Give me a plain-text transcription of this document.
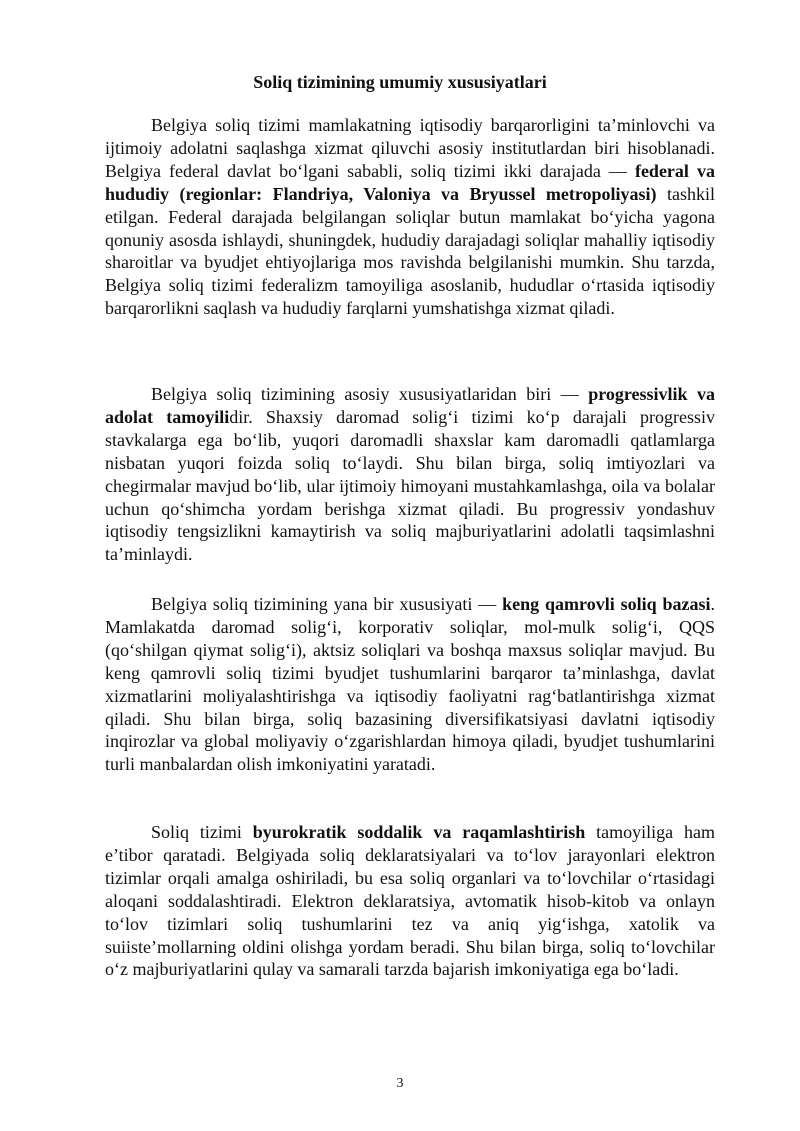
Soliq tizimining umumiy xususiyatlari

Belgiya soliq tizimi mamlakatning iqtisodiy barqarorligini ta’minlovchi va ijtimoiy adolatni saqlashga xizmat qiluvchi asosiy institutlardan biri hisoblanadi. Belgiya federal davlat bo‘lgani sababli, soliq tizimi ikki darajada — federal va hududiy (regionlar: Flandriya, Valoniya va Bryussel metropoliyasi) tashkil etilgan. Federal darajada belgilangan soliqlar butun mamlakat bo‘yicha yagona qonuniy asosda ishlaydi, shuningdek, hududiy darajadagi soliqlar mahalliy iqtisodiy sharoitlar va byudjet ehtiyojlariga mos ravishda belgilanishi mumkin. Shu tarzda, Belgiya soliq tizimi federalizm tamoyiliga asoslanib, hududlar o‘rtasida iqtisodiy barqarorlikni saqlash va hududiy farqlarni yumshatishga xizmat qiladi.

Belgiya soliq tizimining asosiy xususiyatlaridan biri — progressivlik va adolat tamoyilidir. Shaxsiy daromad solig‘i tizimi ko‘p darajali progressiv stavkalarga ega bo‘lib, yuqori daromadli shaxslar kam daromadli qatlamlarga nisbatan yuqori foizda soliq to‘laydi. Shu bilan birga, soliq imtiyozlari va chegirmalar mavjud bo‘lib, ular ijtimoiy himoyani mustahkamlashga, oila va bolalar uchun qo‘shimcha yordam berishga xizmat qiladi. Bu progressiv yondashuv iqtisodiy tengsizlikni kamaytirish va soliq majburiyatlarini adolatli taqsimlashni ta’minlaydi.

Belgiya soliq tizimining yana bir xususiyati — keng qamrovli soliq bazasi. Mamlakatda daromad solig‘i, korporativ soliqlar, mol-mulk solig‘i, QQS (qo‘shilgan qiymat solig‘i), aktsiz soliqlari va boshqa maxsus soliqlar mavjud. Bu keng qamrovli soliq tizimi byudjet tushumlarini barqaror ta’minlashga, davlat xizmatlarini moliyalashtirishga va iqtisodiy faoliyatni rag‘batlantirishga xizmat qiladi. Shu bilan birga, soliq bazasining diversifikatsiyasi davlatni iqtisodiy inqirozlar va global moliyaviy o‘zgarishlardan himoya qiladi, byudjet tushumlarini turli manbalardan olish imkoniyatini yaratadi.

Soliq tizimi byurokratik soddalik va raqamlashtirish tamoyiliga ham e’tibor qaratadi. Belgiyada soliq deklaratsiyalari va to‘lov jarayonlari elektron tizimlar orqali amalga oshiriladi, bu esa soliq organlari va to‘lovchilar o‘rtasidagi aloqani soddalashtiradi. Elektron deklaratsiya, avtomatik hisob-kitob va onlayn to‘lov tizimlari soliq tushumlarini tez va aniq yig‘ishga, xatolik va suiiste’mollarning oldini olishga yordam beradi. Shu bilan birga, soliq to‘lovchilar o‘z majburiyatlarini qulay va samarali tarzda bajarish imkoniyatiga ega bo‘ladi.

3
